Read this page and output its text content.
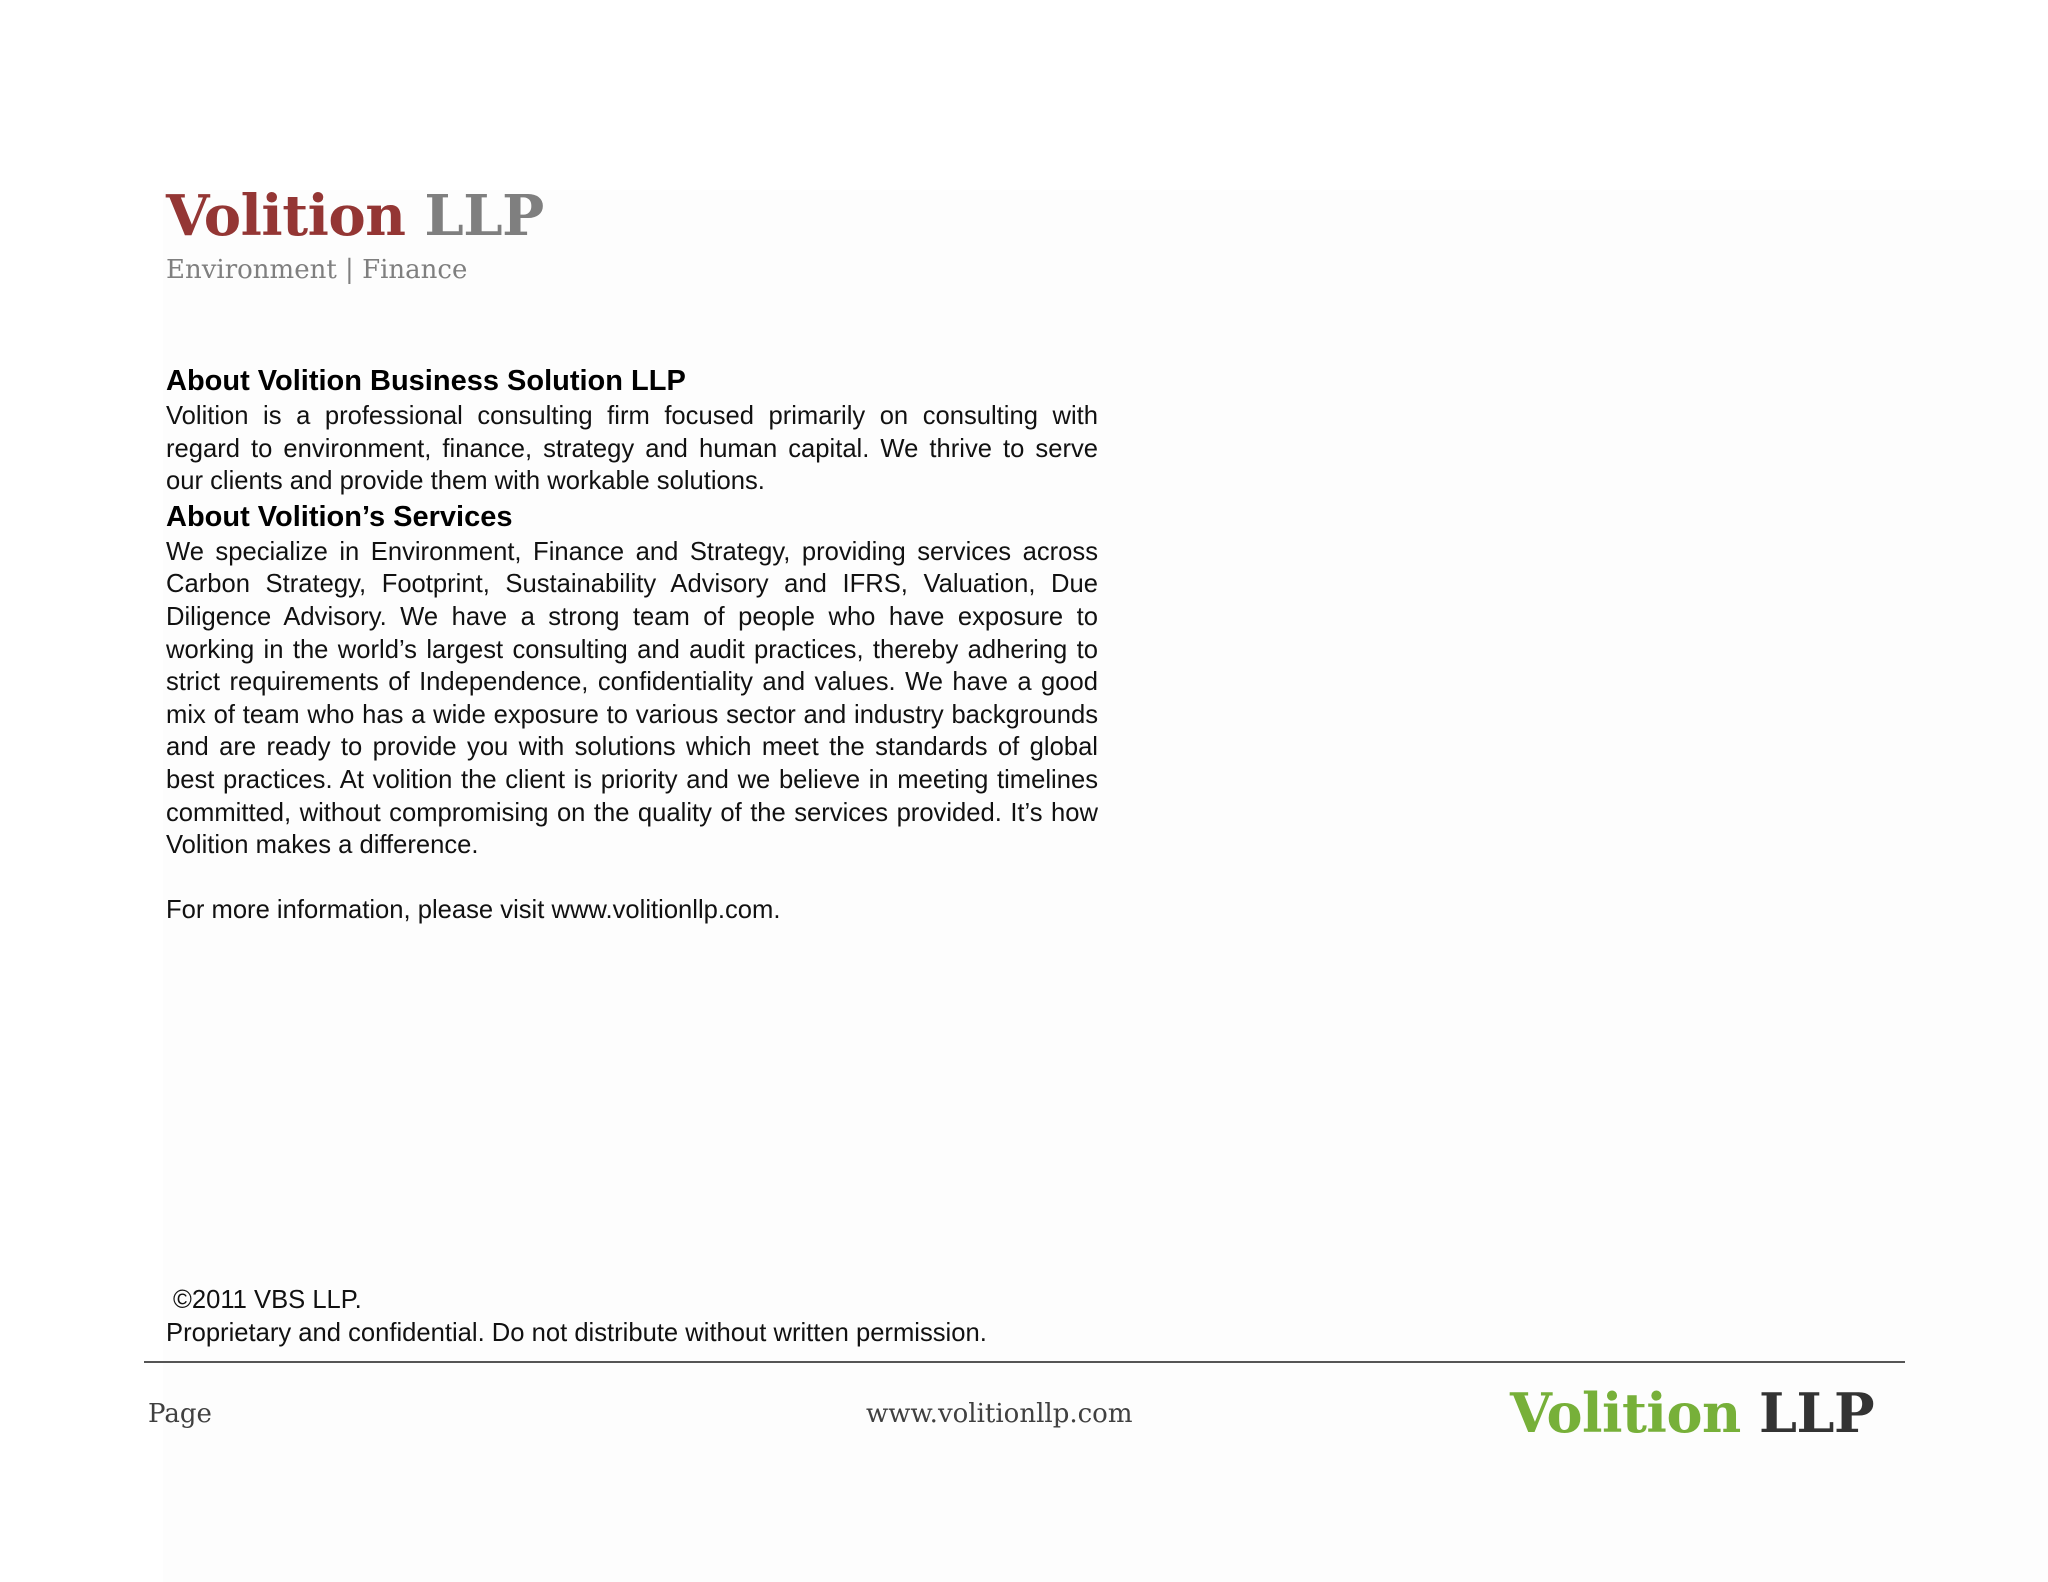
Volition LLP
Environment | Finance
About Volition Business Solution LLP

Volition is a professional consulting firm focused primarily on consulting with regard to environment, finance, strategy and human capital. We thrive to serve our clients and provide them with workable solutions.

About Volition’s Services

We specialize in Environment, Finance and Strategy, providing services across Carbon Strategy, Footprint, Sustainability Advisory and IFRS, Valuation, Due Diligence Advisory. We have a strong team of people who have exposure to working in the world’s largest consulting and audit practices, thereby adhering to strict requirements of Independence, confidentiality and values. We have a good mix of team who has a wide exposure to various sector and industry backgrounds and are ready to provide you with solutions which meet the standards of global best practices. At volition the client is priority and we believe in meeting timelines committed, without compromising on the quality of the services provided. It’s how Volition makes a difference.

For more information, please visit www.volitionllp.com.

©2011 VBS LLP.
Proprietary and confidential. Do not distribute without written permission.
Page	www.volitionllp.com	Volition LLP
